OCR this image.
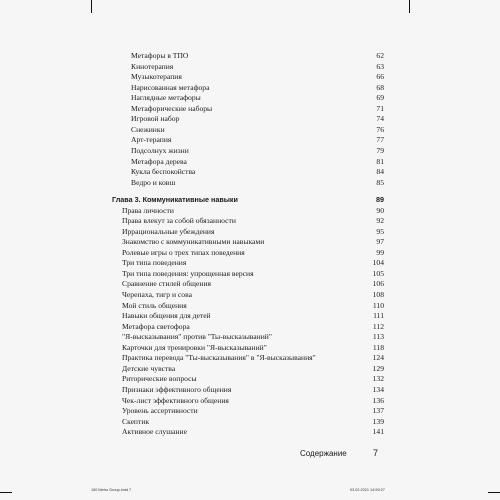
Метафоры в ТПО	62
Кинотерапия	63
Музыкотерапия	66
Нарисованная метафора	68
Наглядные метафоры	69
Метафорические наборы	71
Игровой набор	74
Снежинки	76
Арт-терапия	77
Подсолнух жизни	79
Метафора дерева	81
Кукла беспокойства	84
Ведро и ковш	85
Глава 3. Коммуникативные навыки	89
Права личности	90
Права влекут за собой обязанности	92
Иррациональные убеждения	95
Знакомство с коммуникативными навыками	97
Ролевые игры о трех типах поведения	99
Три типа поведения	104
Три типа поведения: упрощенная версия	105
Сравнение стилей общения	106
Черепаха, тигр и сова	108
Мой стиль общения	110
Навыки общения для детей	111
Метафора светофора	112
"Я-высказывания" против "Ты-высказываний"	113
Карточки для тренировки "Я-высказываний"	118
Практика перевода "Ты-высказывания" в "Я-высказывания"	124
Детские чувства	129
Риторические вопросы	132
Признаки эффективного общения	134
Чек-лист эффективного общения	136
Уровень ассертивности	137
Скептик	139
Активное слушание	141
Содержание	7
150 Metro Group.indd 7	03.02.2021 14:59:27
